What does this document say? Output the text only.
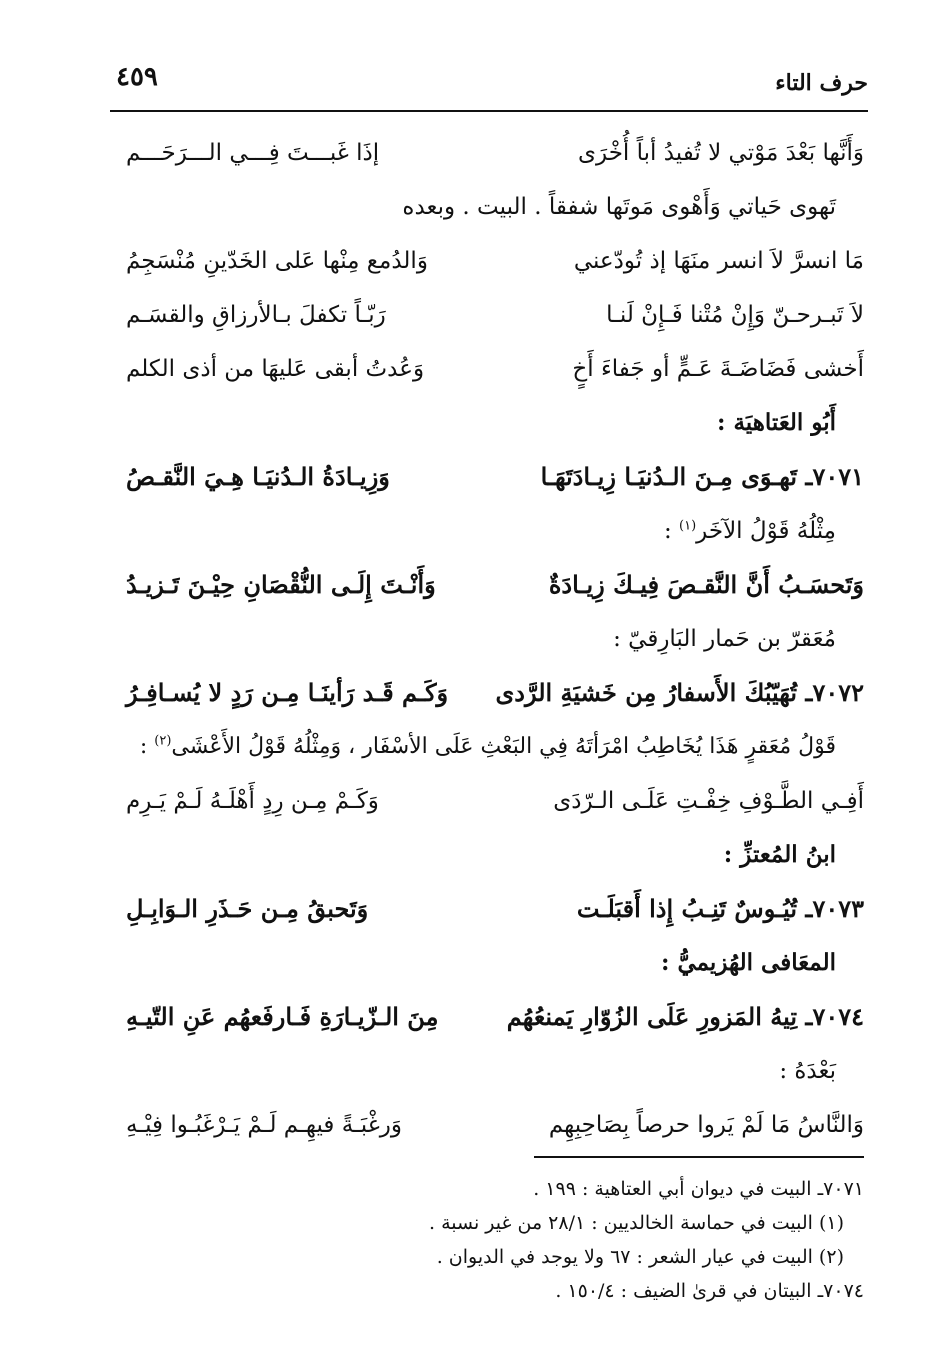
حرف التاء
٤٥٩
وَأَنَّها بَعْدَ مَوْتي لا تُفيدُ أباً أُخْرَى
إذَا غَبـــتَ فِـــي الـــرَحَـــم
تَهوى حَياتي وَأَهْوى مَوتَها شفقاً . البيت . وبعده
مَا انسرَّ لاَ انسر منَهَا إذ تُودّعني
وَالدُمع مِنْها عَلى الخَدّينِ مُنْسَجِمُ
لاَ تَبـرحـنّ وَإِنْ مُتْنا فَـإِنْ لَنـا
رَبّـاً تكفلَ بـالأرزاقِ والقسَـم
أَخشى فَضَاضَـةَ عَـمٍّ أو جَفاءَ أَخٍ
وَعُدتُ أبقى عَليهَا من أذى الكلم
أَبُو العَتاهيَة :
٧٠٧١ـ تَهـوَى مِـنَ الـدُنيَـا زِيـادَتَهَـا
وَزِيـادَةُ الـدُنيَـا هِـيَ النَّقـصُ
مِثْلُهُ قَوْلُ الآخَر$^{(١)}$ :
وَتَحسَـبُ أَنَّ النَّقـصَ فِيـكَ زِيـادَةٌ
وَأَنْـتَ إِلَـى النُّقْصَانِ حِيْـنَ تَـزيـدُ
مُعَقرّ بن حَمار البَارِقيّ :
٧٠٧٢ـ تُهَيّبُكَ الأَسفارُ مِن خَشيَةِ الرَّدى
وَكَـم قَـد رَأينَـا مِـن رَدٍ لا يُسـافِـرُ
قَوْلُ مُعَقرٍ هَذَا يُخَاطِبُ امْرَأتَهُ فِي البَعْثِ عَلَى الأسْفَار ، وَمِثْلُهُ قَوْلُ الأَعْشَى$^{(٢)}$ :
أَفِـي الطَّـوْفِ خِفْـتِ عَلَـى الـرّدَى
وَكَـمْ مِـن رِدٍ أَهْلَـهُ لَـمْ يَـرِم
ابنُ المُعتزِّ :
٧٠٧٣ـ تُيُـوسٌ تَنِـبُ إِذا أَقبَلَـت
وَتَحبقُ مِـن حَـذَرِ الـوَابِـلِ
المعَافى الهُزيميُّ :
٧٠٧٤ـ تِيهُ المَزورِ عَلَى الزُوّارِ يَمنعُهُم
مِنَ الـزّيـارَةِ فَـارفَعهُم عَنِ التّيـهِ
بَعْدَهُ :
وَالنَّاسُ مَا لَمْ يَروا حرصاً بِصَاحِبِهِم
وَرغْبَـةً فيهِـم لَـمْ يَـرْغَبُـوا فِيْـهِ
٧٠٧١ـ البيت في ديوان أبي العتاهية : ١٩٩ .
(١) البيت في حماسة الخالديين : ٢٨/١ من غير نسبة .
(٢) البيت في عيار الشعر : ٦٧ ولا يوجد في الديوان .
٧٠٧٤ـ البيتان في قرىٰ الضيف : ١٥٠/٤ .
